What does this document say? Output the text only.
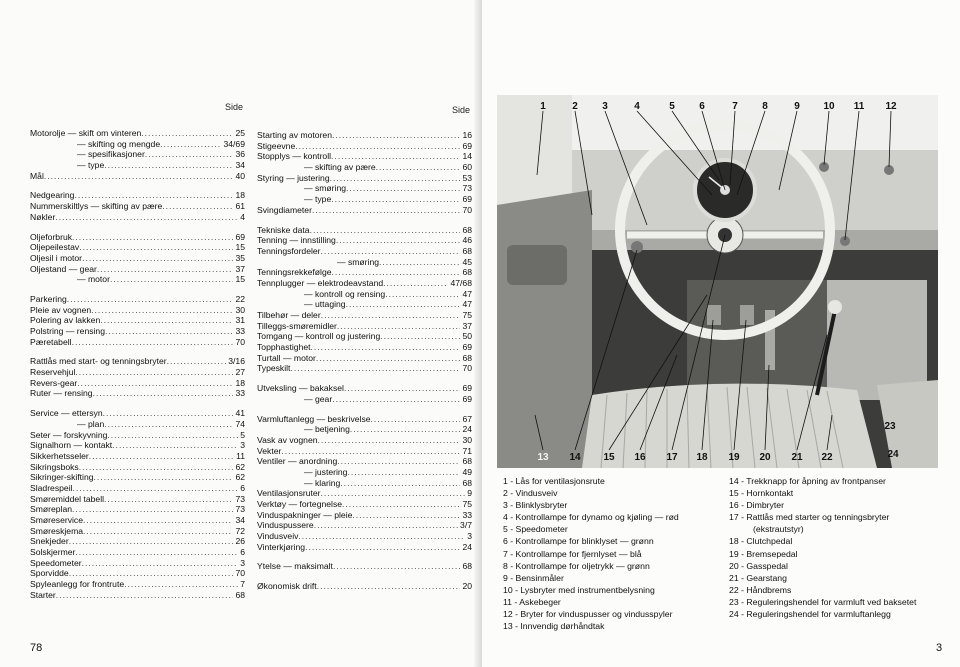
Side
Motorolje — skift om vinteren .....	25
— skifting og mengde .....	34/69
— spesifikasjoner .....	36
— type .....	34
Mål .....	40
Nedgearing .....	18
Nummerskiltlys — skifting av pære .....	61
Nøkler .....	4
Oljeforbruk .....	69
Oljepeilestav .....	15
Oljesil i motor .....	35
Oljestand — gear .....	37
— motor .....	15
Parkering .....	22
Pleie av vognen .....	30
Polering av lakken .....	31
Polstring — rensing .....	33
Pæretabell .....	70
Rattlås med start- og tenningsbryter .....	3/16
Reservehjul .....	27
Revers-gear .....	18
Ruter — rensing .....	33
Service — ettersyn .....	41
— plan .....	74
Seter — forskyvning .....	5
Signalhorn — kontakt .....	3
Sikkerhetsseler .....	11
Sikringsboks .....	62
Sikringer-skifting .....	62
Sladrespeil .....	6
Smøremiddel tabell .....	73
Smøreplan .....	73
Smøreservice .....	34
Smøreskjema .....	72
Snekjeder .....	26
Solskjermer .....	6
Speedometer .....	3
Sporvidde .....	70
Spylеanlegg for frontrute .....	7
Starter .....	68
Side
Starting av motoren .....	16
Stigeevne .....	69
Stopplys — kontroll .....	14
— skifting av pære .....	60
Styring — justering .....	53
— smøring .....	73
— type .....	69
Svingdiameter .....	70
Tekniske data .....	68
Tenning — innstilling .....	46
Tenningsfordeler .....	68
— smøring .....	45
Tenningsrekkefølge .....	68
Tennplugger — elektrodeavstand .....	47/68
— kontroll og rensing .....	47
— uttaging .....	47
Tilbehør — deler .....	75
Tilleggs-smøremidler .....	37
Tomgang — kontroll og justering .....	50
Topphastighet .....	69
Turtall — motor .....	68
Typeskilt .....	70
Utveksling — bakaksel .....	69
— gear .....	69
Varmluftanlegg — beskrivelse .....	67
— betjening .....	24
Vask av vognen .....	30
Vekter .....	71
Ventiler — anordning .....	68
— justering .....	49
— klaring .....	68
Ventilasjonsruter .....	9
Verktøy — fortegnelse .....	75
Vinduspakninger — pleie .....	33
Vinduspussere .....	3/7
Vindusveiv .....	3
Vinterkjøring .....	24
Ytelse — maksimalt .....	68
Økonomisk drift .....	20
78	3
1	2 3	4	5 6	7 8	9 10 11 12
13 14 15 16 17 18 19 20 21 22
23
24
1 - Lås for ventilasjonsrute
2 - Vindusveiv
3 - Blinklysbryter
4 - Kontrollampe for dynamo og kjøling — rød
5 - Speedometer
6 - Kontrollampe for blinklyset — grønn
7 - Kontrollampe for fjernlyset — blå
8 - Kontrollampe for oljetrykk — grønn
9 - Bensinmåler
10 - Lysbryter med instrumentbelysning
11 - Askebeger
12 - Bryter for vinduspusser og vindusspyler
13 - Innvendig dørhåndtak
14 - Trekknapp for åpning av frontpanser
15 - Hornkontakt
16 - Dimbryter
17 - Rattlås med starter og tenningsbryter
(ekstrautstyr)
18 - Clutchpedal
19 - Bremsepedal
20 - Gasspedal
21 - Gearstang
22 - Håndbrems
23 - Reguleringshendel for varmluft ved baksetet
24 - Reguleringshendel for varmluftanlegg
